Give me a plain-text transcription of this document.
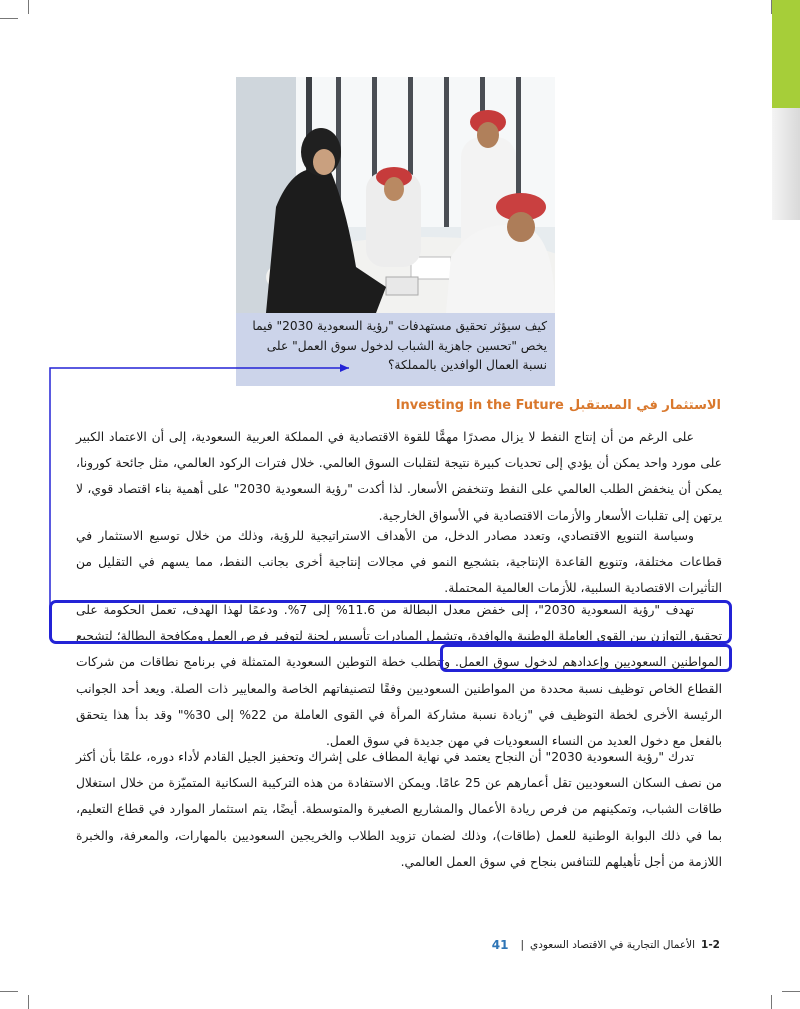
كيف سيؤثر تحقيق مستهدفات "رؤية السعودية 2030" فيما يخص "تحسين جاهزية الشباب لدخول سوق العمل" على نسبة العمال الوافدين بالمملكة؟
الاستثمار في المستقبلInvesting in the Future
على الرغم من أن إنتاج النفط لا يزال مصدرًا مهمًّا للقوة الاقتصادية في المملكة العربية السعودية، إلى أن الاعتماد الكبير على مورد واحد يمكن أن يؤدي إلى تحديات كبيرة نتيجة لتقلبات السوق العالمي. خلال فترات الركود العالمي، مثل جائحة كورونا، يمكن أن ينخفض الطلب العالمي على النفط وتنخفض الأسعار. لذا أكدت "رؤية السعودية 2030" على أهمية بناء اقتصاد قوي، لا يرتهن إلى تقلبات الأسعار والأزمات الاقتصادية في الأسواق الخارجية.
وسياسة التنويع الاقتصادي، وتعدد مصادر الدخل، من الأهداف الاستراتيجية للرؤية، وذلك من خلال توسيع الاستثمار في قطاعات مختلفة، وتنويع القاعدة الإنتاجية، بتشجيع النمو في مجالات إنتاجية أخرى بجانب النفط، مما يسهم في التقليل من التأثيرات الاقتصادية السلبية، للأزمات العالمية المحتملة.
تهدف "رؤية السعودية 2030"، إلى خفض معدل البطالة من 11.6% إلى 7%. ودعمًا لهذا الهدف، تعمل الحكومة على تحقيق التوازن بين القوى العاملة الوطنية والوافدة، وتشمل المبادرات تأسيس لجنة لتوفير فرص العمل ومكافحة البطالة؛ لتشجيع المواطنين السعوديين وإعدادهم لدخول سوق العمل. وتتطلب خطة التوطين السعودية المتمثلة في برنامج نطاقات من شركات القطاع الخاص توظيف نسبة محددة من المواطنين السعوديين وفقًا لتصنيفاتهم الخاصة والمعايير ذات الصلة. ويعد أحد الجوانب الرئيسة الأخرى لخطة التوظيف في "زيادة نسبة مشاركة المرأة في القوى العاملة من 22% إلى 30%" وقد بدأ هذا يتحقق بالفعل مع دخول العديد من النساء السعوديات في مهن جديدة في سوق العمل.
تدرك "رؤية السعودية 2030" أن النجاح يعتمد في نهاية المطاف على إشراك وتحفيز الجيل القادم لأداء دوره، علمًا بأن أكثر من نصف السكان السعوديين تقل أعمارهم عن 25 عامًا. ويمكن الاستفادة من هذه التركيبة السكانية المتميّزة من خلال استغلال طاقات الشباب، وتمكينهم من فرص ريادة الأعمال والمشاريع الصغيرة والمتوسطة. أيضًا، يتم استثمار الموارد في قطاع التعليم، بما في ذلك البوابة الوطنية للعمل (طاقات)، وذلك لضمان تزويد الطلاب والخريجين السعوديين بالمهارات، والمعرفة، والخبرة اللازمة من أجل تأهيلهم للتنافس بنجاح في سوق العمل العالمي.
1-2
الأعمال التجارية في الاقتصاد السعودي
|
41
